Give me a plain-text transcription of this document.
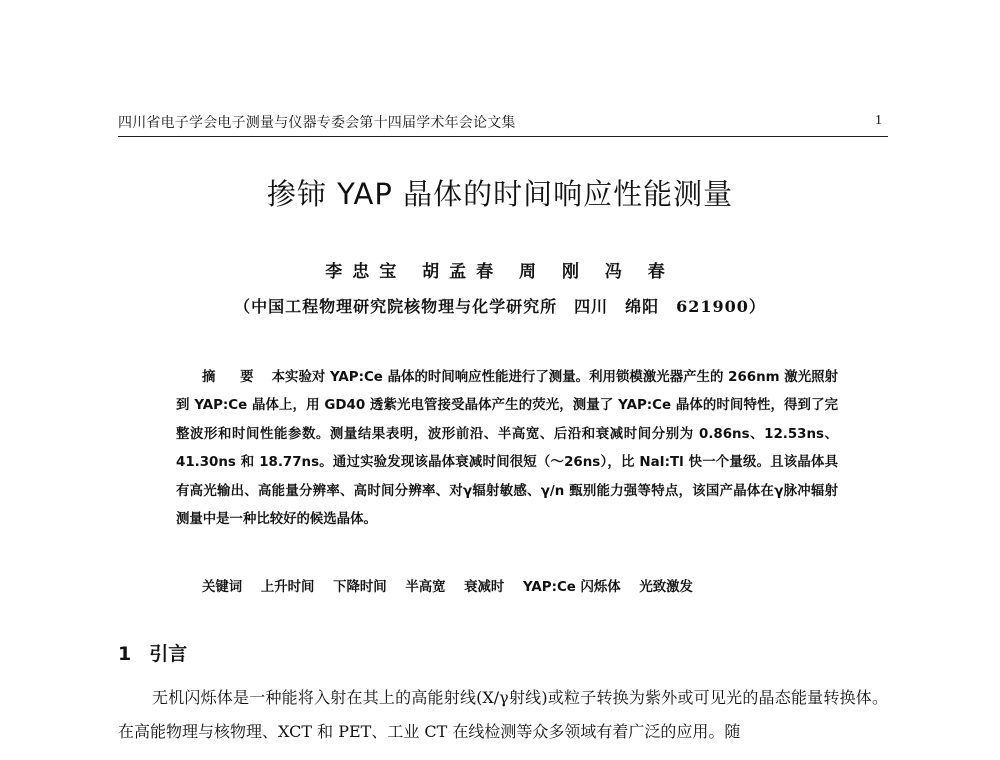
四川省电子学会电子测量与仪器专委会第十四届学术年会论文集	1
掺铈 YAP 晶体的时间响应性能测量
李忠宝 胡孟春 周 刚 冯 春
（中国工程物理研究院核物理与化学研究所　四川　绵阳　621900）
摘 要 本实验对 YAP:Ce 晶体的时间响应性能进行了测量。利用锁模激光器产生的 266nm 激光照射到 YAP:Ce 晶体上，用 GD40 透紫光电管接受晶体产生的荧光，测量了 YAP:Ce 晶体的时间特性，得到了完整波形和时间性能参数。测量结果表明，波形前沿、半高宽、后沿和衰减时间分别为 0.86ns、12.53ns、41.30ns 和 18.77ns。通过实验发现该晶体衰减时间很短（～26ns），比 NaI:Tl 快一个量级。且该晶体具有高光输出、高能量分辨率、高时间分辨率、对γ辐射敏感、γ/n 甄别能力强等特点，该国产晶体在γ脉冲辐射测量中是一种比较好的候选晶体。
关键词 上升时间 下降时间 半高宽 衰减时 YAP:Ce 闪烁体 光致激发
1 引言

无机闪烁体是一种能将入射在其上的高能射线(X/γ射线)或粒子转换为紫外或可见光的晶态能量转换体。在高能物理与核物理、XCT 和 PET、工业 CT 在线检测等众多领域有着广泛的应用。随
